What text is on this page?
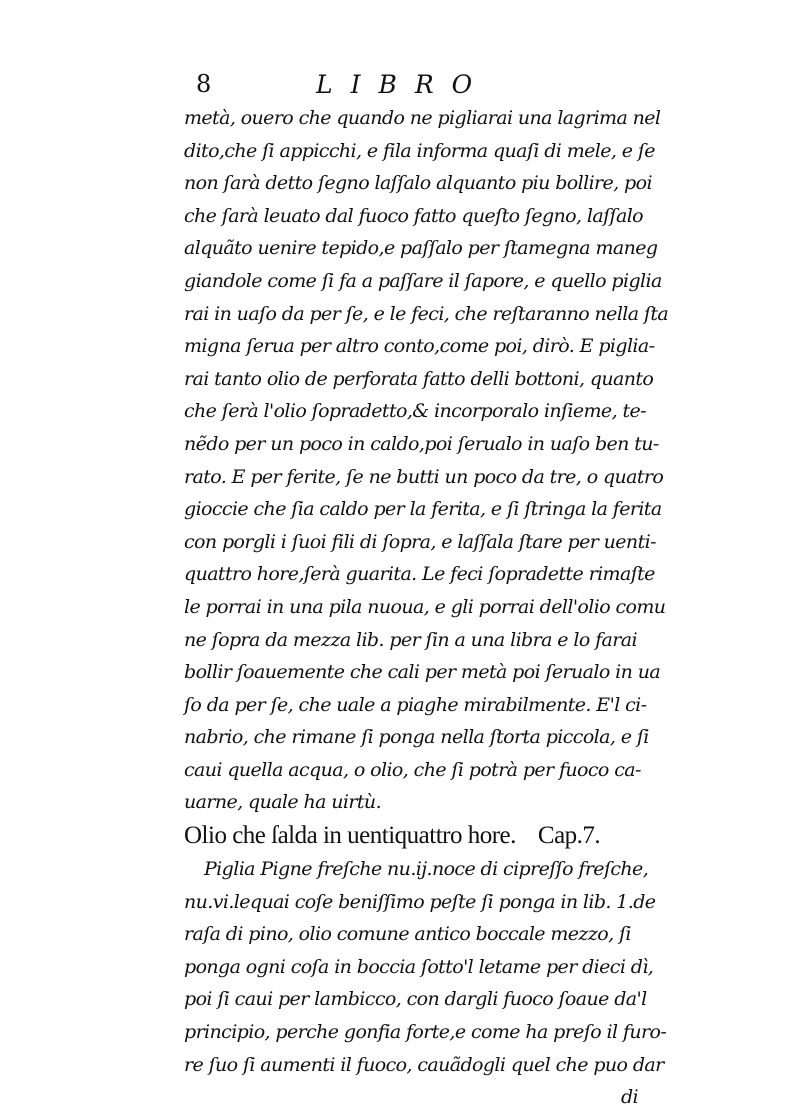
8	LIBRO
metà, ouero che quando ne pigliarai una lagrima nel
dito,che ſi appicchi, e fila informa quaſi di mele, e ſe
non ſarà detto ſegno laſſalo alquanto piu bollire, poi
che ſarà leuato dal fuoco fatto queſto ſegno, laſſalo
alquãto uenire tepido,e paſſalo per ſtamegna maneg
giandole come ſi fa a paſſare il ſapore, e quello piglia
rai in uaſo da per ſe, e le feci, che reſtaranno nella ſta
migna ſerua per altro conto,come poi, dirò. E piglia-
rai tanto olio de perforata fatto delli bottoni, quanto
che ſerà l'olio ſopradetto,& incorporalo inſieme, te-
nẽdo per un poco in caldo,poi ſerualo in uaſo ben tu-
rato. E per ferite, ſe ne butti un poco da tre, o quatro
gioccie che ſia caldo per la ferita, e ſi ſtringa la ferita
con porgli i ſuoi fili di ſopra, e laſſala ſtare per uenti-
quattro hore,ſerà guarita. Le feci ſopradette rimaſte
le porrai in una pila nuoua, e gli porrai dell'olio comu
ne ſopra da mezza lib. per ſin a una libra e lo farai
bollir ſoauemente che cali per metà poi ſerualo in ua
ſo da per ſe, che uale a piaghe mirabilmente. E'l ci-
nabrio, che rimane ſi ponga nella ſtorta piccola, e ſi
caui quella acqua, o olio, che ſi potrà per fuoco ca-
uarne, quale ha uirtù.
Olio che ſalda in uentiquattro hore. Cap.7.
Piglia Pigne freſche nu.ij.noce di cipreſſo freſche,
nu.vi.lequai coſe beniſſimo peſte ſi ponga in lib. 1.de
raſa di pino, olio comune antico boccale mezzo, ſi
ponga ogni coſa in boccia ſotto'l letame per dieci dì,
poi ſi caui per lambicco, con dargli fuoco ſoaue da'l
principio, perche gonfia forte,e come ha preſo il furo-
re ſuo ſi aumenti il fuoco, cauãdogli quel che puo dar
di
